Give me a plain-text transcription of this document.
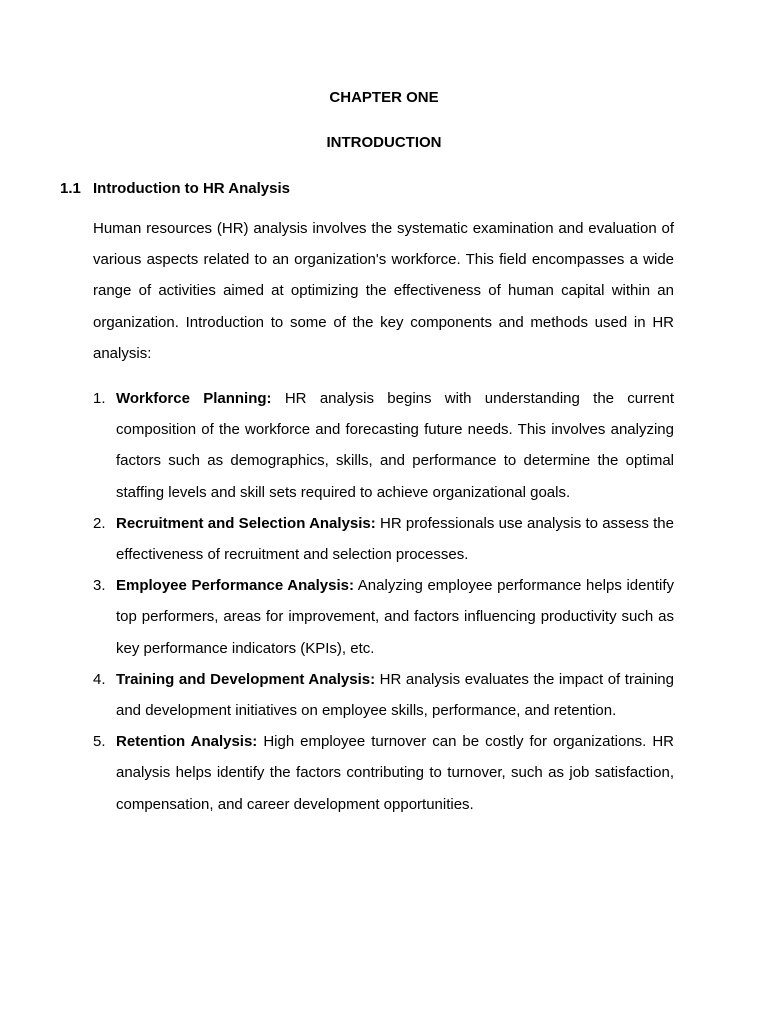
CHAPTER ONE
INTRODUCTION
1.1 Introduction to HR Analysis

Human resources (HR) analysis involves the systematic examination and evaluation of various aspects related to an organization's workforce. This field encompasses a wide range of activities aimed at optimizing the effectiveness of human capital within an organization. Introduction to some of the key components and methods used in HR analysis:

1. Workforce Planning: HR analysis begins with understanding the current composition of the workforce and forecasting future needs. This involves analyzing factors such as demographics, skills, and performance to determine the optimal staffing levels and skill sets required to achieve organizational goals.
2. Recruitment and Selection Analysis: HR professionals use analysis to assess the effectiveness of recruitment and selection processes.
3. Employee Performance Analysis: Analyzing employee performance helps identify top performers, areas for improvement, and factors influencing productivity such as key performance indicators (KPIs), etc.
4. Training and Development Analysis: HR analysis evaluates the impact of training and development initiatives on employee skills, performance, and retention.
5. Retention Analysis: High employee turnover can be costly for organizations. HR analysis helps identify the factors contributing to turnover, such as job satisfaction, compensation, and career development opportunities.
